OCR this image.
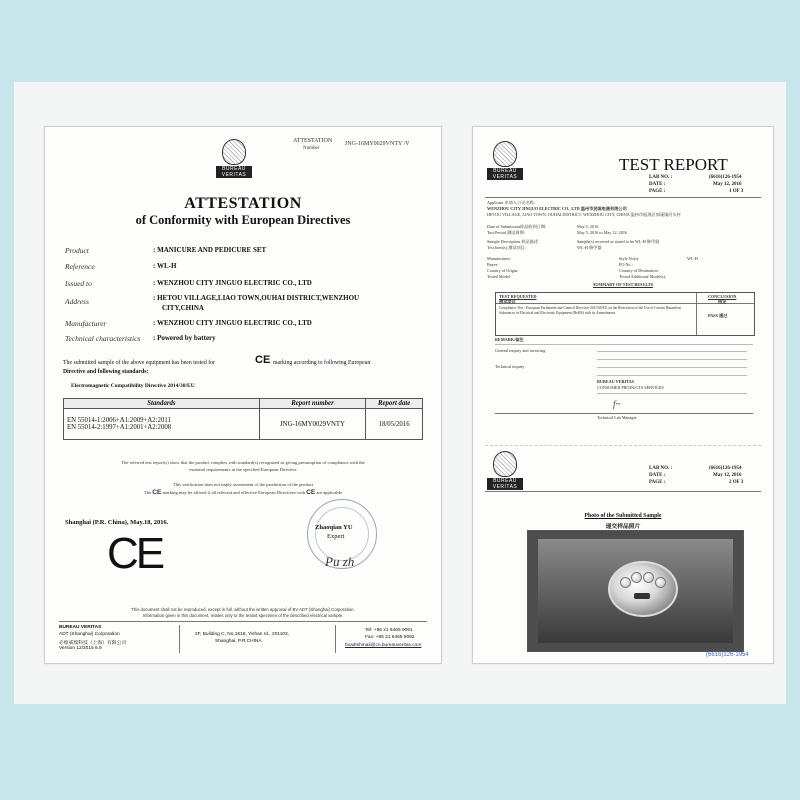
BUREAU VERITAS
ATTESTATION
Number
JNG-16MY0029VNTY /V
ATTESTATION
of Conformity with European Directives
Product	: MANICURE AND PEDICURE SET
Reference	: WL-H
Issued to	: WENZHOU CITY JINGUO ELECTRIC CO., LTD
Address	: HETOU VILLAGE,LIAO TOWN,OUHAI DISTRICT,WENZHOU
CITY,CHINA
Manufacturer	: WENZHOU CITY JINGUO ELECTRIC CO., LTD
Technical characteristics : Powered by battery
The submitted sample of the above equipment has been tested for	CE marking according to following European
Directive and following standards:
Electromagnetic Compatibility Directive 2014/30/EU
Standards	Report number	Report date

EN 55014-1:2006+A1:2009+A2:2011
EN 55014-2:1997+A1:2001+A2:2008	JNG-16MY0029VNTY	18/05/2016
The referred test report(s) show that the product complies with standard(s) recognized as giving presumption of compliance with the
essential requirements in the specified European Directive
This verification does not imply assessment of the production of the product
The CE marking may be affixed if all relevant and effective European Directives with CE are applicable
Shanghai (P.R. China), May.18, 2016.
CE
Zhaoqian YU
Expert
Pu zh
This document shall not be reproduced, except in full, without the written approval of BV ADT (Shanghai) Corporation.
Information given in this document, relates only to the tested specimen of the described electrical sample.
BUREAU VERITAS
ADT (Shanghai) Corporation
必维威瑞科技（上海）有限公司
Version 12/2015 6.9
2F, Building C, No.1618, Yishan rd., 201103,
Shanghai, P.R.CHINA
Tel: +86 21 6465 9091
Fax: +86 21 6465 9092
bvadtshmail@cn.bureauveritas.com
BUREAU VERITAS
TEST REPORT
LAB NO. :	(6616)126-1954
DATE :	May 12, 2016
PAGE :	1 OF 3
Applicant 申请人公司名称:
WENZHOU CITY JINGUO ELECTRIC CO., LTD 温州市劲国电器有限公司
HETOU VILLAGE, LIAO TOWN, OUHAI DISTRICT, WENZHOU CITY, CHINA 温州市瓯海区郭溪镇河头村
Date of Submission样品收到日期:	May 5, 2016
Test Period 测试周期:	May 5, 2016 to May 12, 2016
Sample Description 样品描述:	Sample(s) received as stated to be WL-H 修甲器
Test Item(s) 测试项目:	WL-H 修甲器
Manufacturer:
Buyer:
Country of Origin:
Tested Model:
Style No(s):	WL-H
PO No.:
Country of Destination:
Tested Additional Model(s):
SUMMARY OF TEST RESULTS
TEST REQUESTED
测试项目
CONCLUSION
结论
Compliance Test - European Parliament and Council Directive 2011/65/EU on the Restriction of the Use of Certain Hazardous Substances in Electrical and Electronic Equipment (RoHS) with its Amendments	PASS 通过
REMARK/备注
General inquiry and invoicing
Technical inquiry
BUREAU VERITAS
CONSUMER PRODUCTS SERVICES
f~
Technical Lab Manager
BUREAU VERITAS
LAB NO. :	(6616)126-1954
DATE :	May 12, 2016
PAGE :	2 OF 3
Photo of the Submitted Sample
递交样品照片
(6616)126-1954
